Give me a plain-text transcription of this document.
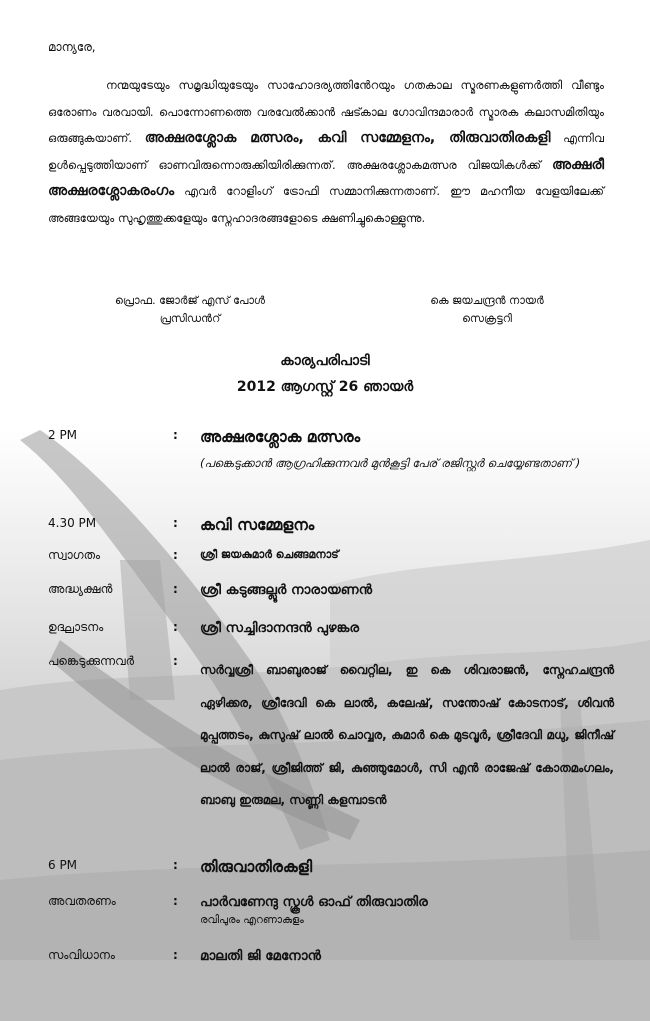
മാന്യരേ,
നന്മയുടേയും സമൃദ്ധിയുടേയും സാഹോദര്യത്തിൻേറയും ഗതകാല സ്മരണകളുണർത്തി വീണ്ടും ഒരോണം വരവായി. പൊന്നോണത്തെ വരവേൽക്കാൻ ഷട്കാല ഗോവിന്ദമാരാർ സ്മാരക കലാസമിതിയും ഒരുങ്ങുകയാണ്. അക്ഷരശ്ലോക മത്സരം, കവി സമ്മേളനം, തിരുവാതിരകളി എന്നിവ ഉൾപ്പെടുത്തിയാണ് ഓണവിരുന്നൊരുക്കിയിരിക്കുന്നത്. അക്ഷരശ്ലോകമത്സര വിജയികൾക്ക് അക്ഷരീ അക്ഷരശ്ലോകരംഗം എവർ റോളിംഗ് ട്രോഫി സമ്മാനിക്കുന്നതാണ്. ഈ മഹനീയ വേളയിലേക്ക് അങ്ങയേയും സുഹൃത്തുക്കളേയും സ്നേഹാദരങ്ങളോടെ ക്ഷണിച്ചുകൊള്ളുന്നു.
പ്രൊഫ. ജോർജ് എസ് പോൾ
പ്രസിഡൻറ്
കെ ജയചന്ദ്രൻ നായർ
സെക്രട്ടറി
കാര്യപരിപാടി
2012 ആഗസ്റ്റ് 26 ഞായർ
2 PM	: അക്ഷരശ്ലോക മത്സരം
(പങ്കെടുക്കാൻ ആഗ്രഹിക്കുന്നവർ മുൻകൂട്ടി പേര് രജിസ്റ്റർ ചെയ്യേണ്ടതാണ് )
4.30 PM	: കവി സമ്മേളനം
സ്വാഗതം	: ശ്രീ ജയകുമാർ ചെങ്ങമനാട്
അദ്ധ്യക്ഷൻ	: ശ്രീ കടുങ്ങല്ലൂർ നാരായണൻ
ഉദ്ഘാടനം	: ശ്രീ സച്ചിദാനന്ദൻ പുഴങ്കര
പങ്കെടുക്കുന്നവർ	:
സർവ്വശ്രീ ബാബുരാജ് വൈറ്റില, ഇ കെ ശിവരാജൻ, സ്നേഹചന്ദ്രൻ ഏഴിക്കര, ശ്രീദേവി കെ ലാൽ, കലേഷ്, സന്തോഷ് കോടനാട്, ശിവൻ മുപ്പത്തടം, കുസുഷ് ലാൽ ചൊവ്വര, കുമാർ കെ മുടവൂർ, ശ്രീദേവി മധു, ജിനീഷ് ലാൽ രാജ്, ശ്രീജിത്ത് ജി, കുഞ്ഞുമോൾ, സി എൻ രാജേഷ് കോതമംഗലം, ബാബു ഇരുമല, സണ്ണി കളമ്പാടൻ
6 PM	: തിരുവാതിരകളി
അവതരണം	: പാർവണേന്ദു സ്കൂൾ ഓഫ് തിരുവാതിര
രവിപുരം എറണാകുളം
സംവിധാനം	: മാലതി ജി മേനോൻ
